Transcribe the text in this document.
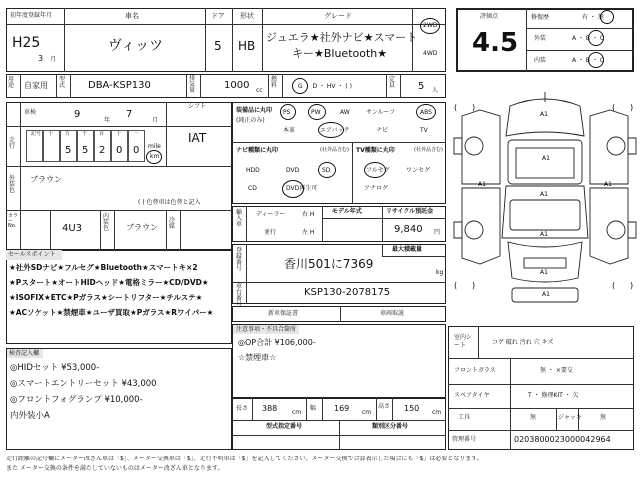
初年度登録年月
H25
3 月
車名
ヴィッツ
ドア
5
形状
HB
グレード
ジュエラ★社外ナビ★スマート
キー★Bluetooth★
2WD
4WD
評価点
4.5
修復歴	有 ・ 無
外装	A ・ B ・ C
内装	A ・ B ・ C
用途 自家用
型式 DBA-KSP130
排気量	1000 cc
燃料	G ・ D ・ HV ・ ( )
定員 5 人
車検	9
年
7
月
シフト
IAT
走行
記号 十 万
5
千
5
百
2
十
0
一
0 mile
km
外装色
ブラウン
( ) 色替車は色替と記入
カラーNo.	4U3
内装色 ブラウン
冷媒
装備品に丸印
(純正のみ)
PS	PW	AW	サンルーフ	ABS
本革	エアバック	ナビ	TV
ナビ種類に丸印	(社外品含む) TV種類に丸印	(社外品含む)
HDD	DVD	SD
CD	DVD再生可
フルセグ	ワンセグ
アナログ
輸入車
ディーラー	右 H
並行	左 H
モデル年式	リサイクル預託金
9,840 円
登録番号	香川501に7369
最大積載量
kg
車台番号
KSP130-2078175
セールスポイント
★社外SDナビ★フルセグ★Bluetooth★スマートキ×2
★Pスタート★オートHIDヘッド★電格ミラー★CD/DVD★
★ISOFIX★ETC★Pガラス★シートリフター★チルステ★
★ACソケット★禁煙車★ユーザ買取★Pガラス★Rワイパー★	新車保証書	車両取説
注意事項・不具合箇所
◎OP合計 ¥106,000-
☆禁煙車☆
検査記入欄
◎HIDセット ¥53,000-
◎スマートエントリーセット ¥43,000
◎フロントフォグランプ ¥10,000-
内外装小A
長さ 388 cm
幅 169 cm
高さ 150 cm
型式指定番号	類別区分番号
A1
A1
A1
A1
A1	A1
A1
A1
( )	( )
( )	( )
室内シート	コゲ 破れ 汚れ 穴 キズ
フロントガラス	無 ・ ×要交
スペアタイヤ	T ・ 修理KIT ・ 欠
工具	無	ジャッキ	無
管理番号	0203800023000042964
走行距離の記号欄にメーター改ざん車は「$」、メーター交換車は「$」、走行不明車は「$」を記入してください。メーター交換で合算表示した場合にも「$」は必要となります。
また メーター交換の条件を満たしていないものはメーター改ざん車となります。
